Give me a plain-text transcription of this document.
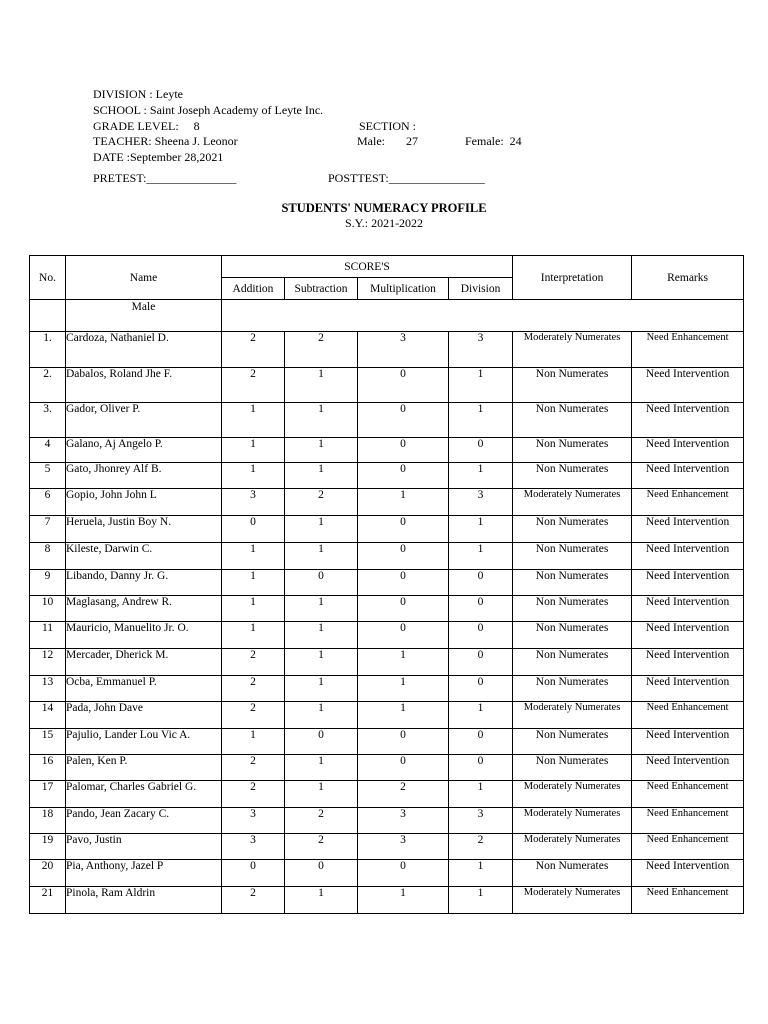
DIVISION : Leyte
SCHOOL : Saint Joseph Academy of Leyte Inc.
GRADE LEVEL:     8	SECTION :
TEACHER: Sheena J. Leonor	Male:       27	Female:  24
DATE :September 28,2021
PRETEST:_______________	POSTTEST:________________
STUDENTS' NUMERACY PROFILE
S.Y.: 2021-2022
No.	Name	SCORE'S				Interpretation	Remarks
		Addition	Subtraction	Multiplication	Division		
	Male						
1.	Cardoza, Nathaniel D.	2	2	3	3	Moderately Numerates	Need Enhancement
2.	Dabalos, Roland Jhe F.	2	1	0	1	Non Numerates	Need Intervention
3.	Gador, Oliver P.	1	1	0	1	Non Numerates	Need Intervention
4	Galano, Aj Angelo P.	1	1	0	0	Non Numerates	Need Intervention
5	Gato, Jhonrey Alf B.	1	1	0	1	Non Numerates	Need Intervention
6	Gopio, John John L	3	2	1	3	Moderately Numerates	Need Enhancement
7	Heruela, Justin Boy N.	0	1	0	1	Non Numerates	Need Intervention
8	Kileste, Darwin C.	1	1	0	1	Non Numerates	Need Intervention
9	Libando, Danny Jr. G.	1	0	0	0	Non Numerates	Need Intervention
10	Maglasang, Andrew R.	1	1	0	0	Non Numerates	Need Intervention
11	Mauricio, Manuelito Jr. O.	1	1	0	0	Non Numerates	Need Intervention
12	Mercader, Dherick M.	2	1	1	0	Non Numerates	Need Intervention
13	Ocba, Emmanuel P.	2	1	1	0	Non Numerates	Need Intervention
14	Pada, John Dave	2	1	1	1	Moderately Numerates	Need Enhancement
15	Pajulio, Lander Lou Vic A.	1	0	0	0	Non Numerates	Need Intervention
16	Palen, Ken P.	2	1	0	0	Non Numerates	Need Intervention
17	Palomar, Charles Gabriel G.	2	1	2	1	Moderately Numerates	Need Enhancement
18	Pando, Jean Zacary C.	3	2	3	3	Moderately Numerates	Need Enhancement
19	Pavo, Justin	3	2	3	2	Moderately Numerates	Need Enhancement
20	Pia, Anthony, Jazel P	0	0	0	1	Non Numerates	Need Intervention
21	Pinola, Ram Aldrin	2	1	1	1	Moderately Numerates	Need Enhancement
